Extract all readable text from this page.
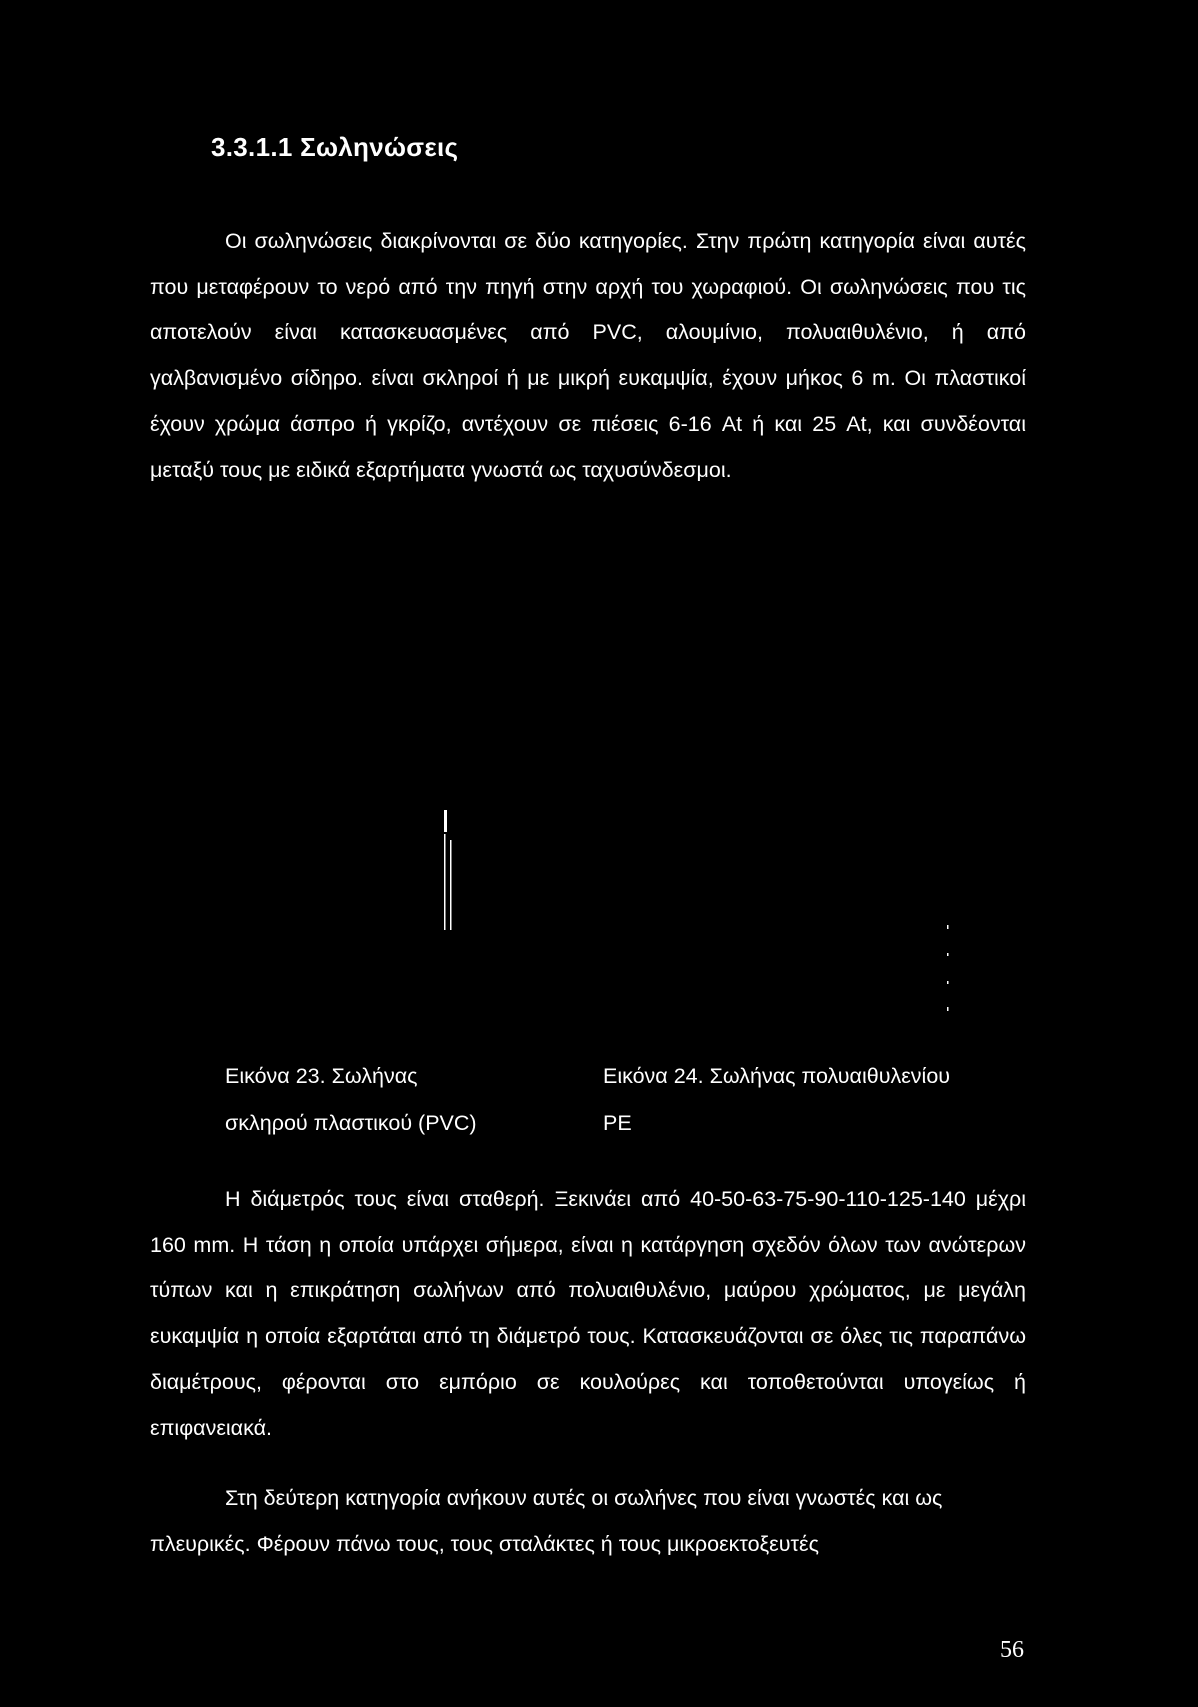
3.3.1.1 Σωληνώσεις

Οι σωληνώσεις διακρίνονται σε δύο κατηγορίες. Στην πρώτη κατηγορία είναι αυτές που μεταφέρουν το νερό από την πηγή στην αρχή του χωραφιού. Οι σωληνώσεις που τις αποτελούν είναι κατασκευασμένες από PVC, αλουμίνιο, πολυαιθυλένιο, ή από γαλβανισμένο σίδηρο. είναι σκληροί ή με μικρή ευκαμψία, έχουν μήκος 6 m. Οι πλαστικοί έχουν χρώμα άσπρο ή γκρίζο, αντέχουν σε πιέσεις 6-16 At ή και 25 At, και συνδέονται μεταξύ τους με ειδικά εξαρτήματα γνωστά ως ταχυσύνδεσμοι.

Εικόνα 23. Σωλήνας
σκληρού πλαστικού (PVC)
Εικόνα 24. Σωλήνας πολυαιθυλενίου
PE

Η διάμετρός τους είναι σταθερή. Ξεκινάει από 40-50-63-75-90-110-125-140 μέχρι 160 mm. Η τάση η οποία υπάρχει σήμερα, είναι η κατάργηση σχεδόν όλων των ανώτερων τύπων και η επικράτηση σωλήνων από πολυαιθυλένιο, μαύρου χρώματος, με μεγάλη ευκαμψία η οποία εξαρτάται από τη διάμετρό τους. Κατασκευάζονται σε όλες τις παραπάνω διαμέτρους, φέρονται στο εμπόριο σε κουλούρες και τοποθετούνται υπογείως ή επιφανειακά.

Στη δεύτερη κατηγορία ανήκουν αυτές οι σωλήνες που είναι γνωστές και ως πλευρικές. Φέρουν πάνω τους, τους σταλάκτες ή τους μικροεκτοξευτές

56
